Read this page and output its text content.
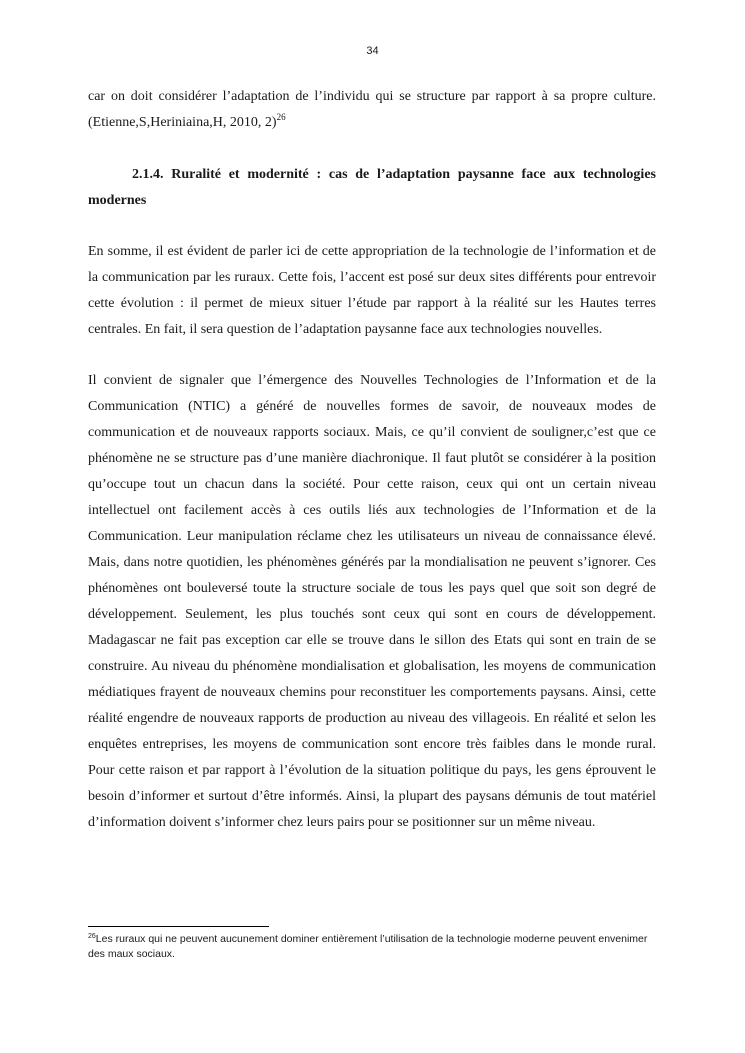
34
car on doit considérer l’adaptation de l’individu qui se structure par rapport à sa propre culture. (Etienne,S,Heriniaina,H, 2010, 2)$^{26}$
2.1.4. Ruralité et modernité : cas de l’adaptation paysanne face aux technologies modernes
En somme, il est évident de parler ici de cette appropriation de la technologie de l’information et de la communication par les ruraux. Cette fois, l’accent est posé sur deux sites différents pour entrevoir cette évolution : il permet de mieux situer l’étude par rapport à la réalité sur les Hautes terres centrales. En fait, il sera question de l’adaptation paysanne face aux technologies nouvelles.
Il convient de signaler que l’émergence des Nouvelles Technologies de l’Information et de la Communication (NTIC) a généré de nouvelles formes de savoir, de nouveaux modes de communication et de nouveaux rapports sociaux. Mais, ce qu’il convient de souligner,c’est que ce phénomène ne se structure pas d’une manière diachronique. Il faut plutôt se considérer à la position qu’occupe tout un chacun dans la société. Pour cette raison, ceux qui ont un certain niveau intellectuel ont facilement accès à ces outils liés aux technologies de l’Information et de la Communication. Leur manipulation réclame chez les utilisateurs un niveau de connaissance élevé. Mais, dans notre quotidien, les phénomènes générés par la mondialisation ne peuvent s’ignorer. Ces phénomènes ont bouleversé toute la structure sociale de tous les pays quel que soit son degré de développement. Seulement, les plus touchés sont ceux qui sont en cours de développement. Madagascar ne fait pas exception car elle se trouve dans le sillon des Etats qui sont en train de se construire. Au niveau du phénomène mondialisation et globalisation, les moyens de communication médiatiques frayent de nouveaux chemins pour reconstituer les comportements paysans. Ainsi, cette réalité engendre de nouveaux rapports de production au niveau des villageois. En réalité et selon les enquêtes entreprises, les moyens de communication sont encore très faibles dans le monde rural. Pour cette raison et par rapport à l’évolution de la situation politique du pays, les gens éprouvent le besoin d’informer et surtout d’être informés. Ainsi, la plupart des paysans démunis de tout matériel d’information doivent s’informer chez leurs pairs pour se positionner sur un même niveau.
$^{26}$Les ruraux qui ne peuvent aucunement dominer entièrement l’utilisation de la technologie moderne peuvent envenimer des maux sociaux.
